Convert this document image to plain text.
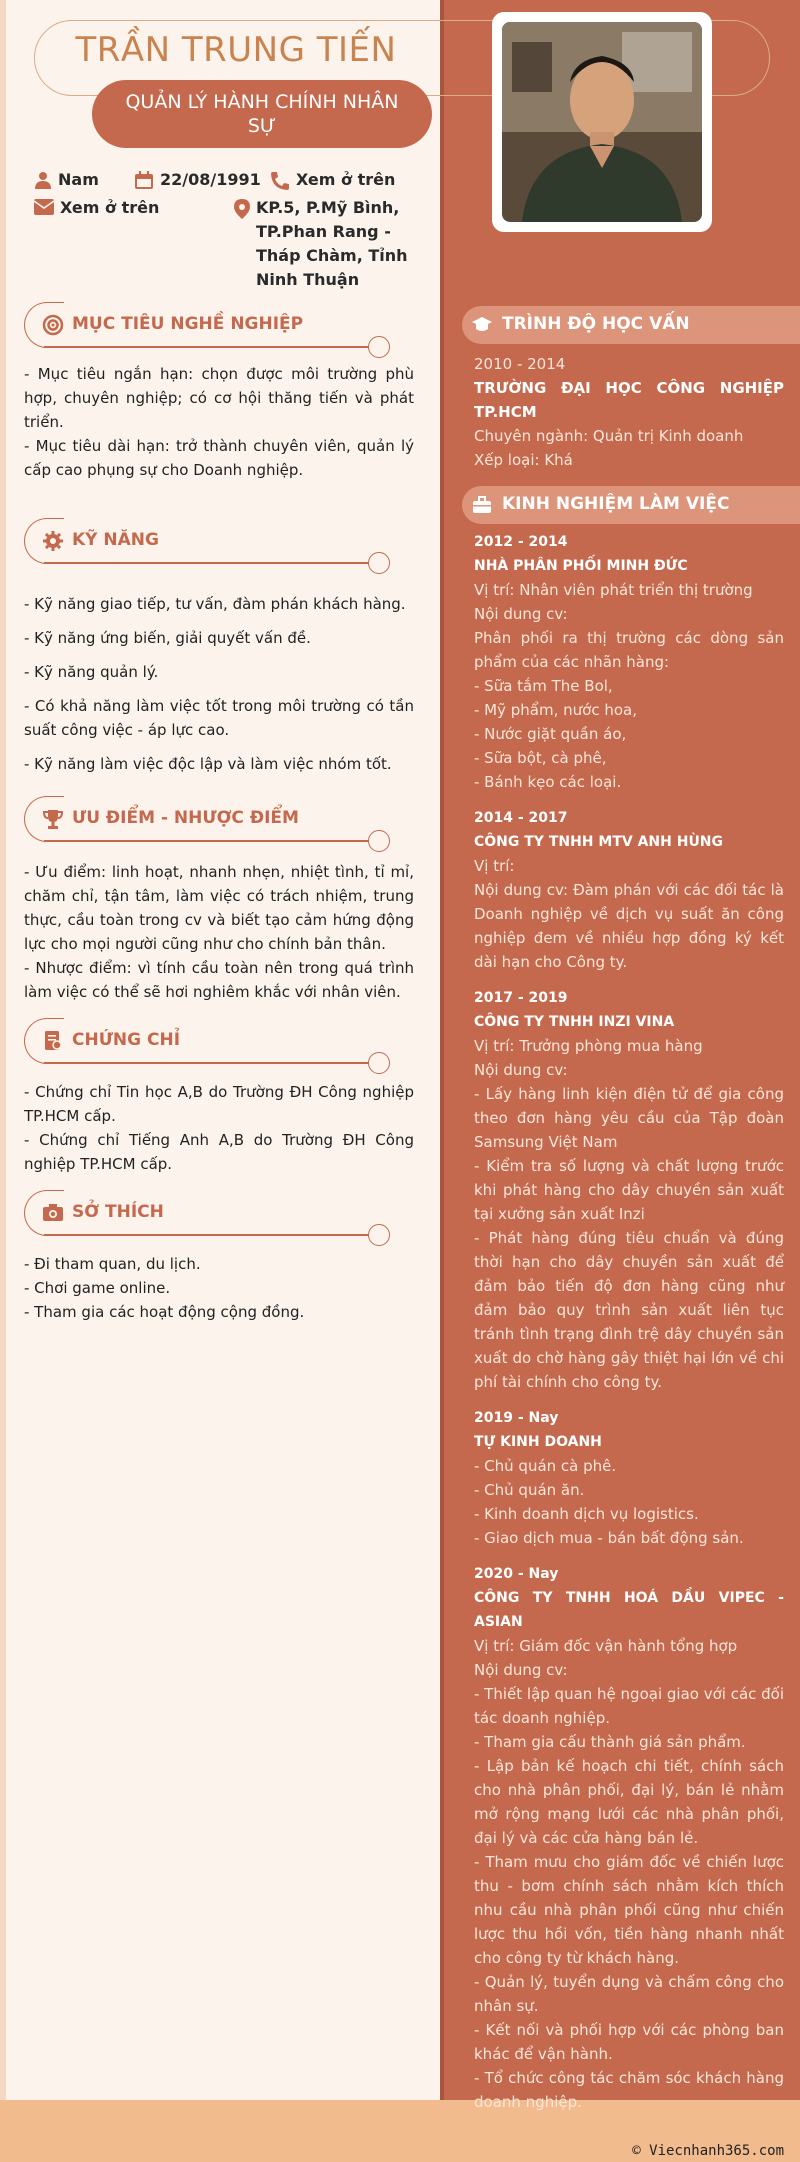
TRẦN TRUNG TIẾN
QUẢN LÝ HÀNH CHÍNH NHÂN SỰ
Nam	22/08/1991 Xem ở trên
Xem ở trên	KP.5, P.Mỹ Bình, TP.Phan Rang - Tháp Chàm, Tỉnh Ninh Thuận
MỤC TIÊU NGHỀ NGHIỆP

- Mục tiêu ngắn hạn: chọn được môi trường phù hợp, chuyên nghiệp; có cơ hội thăng tiến và phát triển.

- Mục tiêu dài hạn: trở thành chuyên viên, quản lý cấp cao phụng sự cho Doanh nghiệp.

KỸ NĂNG

- Kỹ năng giao tiếp, tư vấn, đàm phán khách hàng.

- Kỹ năng ứng biến, giải quyết vấn đề.

- Kỹ năng quản lý.

- Có khả năng làm việc tốt trong môi trường có tần suất công việc - áp lực cao.

- Kỹ năng làm việc độc lập và làm việc nhóm tốt.

ƯU ĐIỂM - NHƯỢC ĐIỂM

- Ưu điểm: linh hoạt, nhanh nhẹn, nhiệt tình, tỉ mỉ, chăm chỉ, tận tâm, làm việc có trách nhiệm, trung thực, cầu toàn trong cv và biết tạo cảm hứng động lực cho mọi người cũng như cho chính bản thân.

- Nhược điểm: vì tính cầu toàn nên trong quá trình làm việc có thể sẽ hơi nghiêm khắc với nhân viên.

CHỨNG CHỈ

- Chứng chỉ Tin học A,B do Trường ĐH Công nghiệp TP.HCM cấp.

- Chứng chỉ Tiếng Anh A,B do Trường ĐH Công nghiệp TP.HCM cấp.

SỞ THÍCH

- Đi tham quan, du lịch.

- Chơi game online.

- Tham gia các hoạt động cộng đồng.

TRÌNH ĐỘ HỌC VẤN

2010 - 2014

TRƯỜNG ĐẠI HỌC CÔNG NGHIỆP TP.HCM

Chuyên ngành: Quản trị Kinh doanh

Xếp loại: Khá

KINH NGHIỆM LÀM VIỆC

2012 - 2014

NHÀ PHÂN PHỐI MINH ĐỨC

Vị trí: Nhân viên phát triển thị trường

Nội dung cv:

Phân phối ra thị trường các dòng sản phẩm của các nhãn hàng:

- Sữa tắm The Bol,

- Mỹ phẩm, nước hoa,

- Nước giặt quần áo,

- Sữa bột, cà phê,

- Bánh kẹo các loại.

2014 - 2017

CÔNG TY TNHH MTV ANH HÙNG

Vị trí:

Nội dung cv: Đàm phán với các đối tác là Doanh nghiệp về dịch vụ suất ăn công nghiệp đem về nhiều hợp đồng ký kết dài hạn cho Công ty.

2017 - 2019

CÔNG TY TNHH INZI VINA

Vị trí: Trưởng phòng mua hàng

Nội dung cv:

- Lấy hàng linh kiện điện tử để gia công theo đơn hàng yêu cầu của Tập đoàn Samsung Việt Nam

- Kiểm tra số lượng và chất lượng trước khi phát hàng cho dây chuyền sản xuất tại xưởng sản xuất Inzi

- Phát hàng đúng tiêu chuẩn và đúng thời hạn cho dây chuyền sản xuất để đảm bảo tiến độ đơn hàng cũng như đảm bảo quy trình sản xuất liên tục tránh tình trạng đình trệ dây chuyền sản xuất do chờ hàng gây thiệt hại lớn về chi phí tài chính cho công ty.

2019 - Nay

TỰ KINH DOANH

- Chủ quán cà phê.

- Chủ quán ăn.

- Kinh doanh dịch vụ logistics.

- Giao dịch mua - bán bất động sản.

2020 - Nay

CÔNG TY TNHH HOÁ DẦU VIPEC - ASIAN

Vị trí: Giám đốc vận hành tổng hợp

Nội dung cv:

- Thiết lập quan hệ ngoại giao với các đối tác doanh nghiệp.

- Tham gia cấu thành giá sản phẩm.

- Lập bản kế hoạch chi tiết, chính sách cho nhà phân phối, đại lý, bán lẻ nhằm mở rộng mạng lưới các nhà phân phối, đại lý và các cửa hàng bán lẻ.

- Tham mưu cho giám đốc về chiến lược thu - bơm chính sách nhằm kích thích nhu cầu nhà phân phối cũng như chiến lược thu hồi vốn, tiền hàng nhanh nhất cho công ty từ khách hàng.

- Quản lý, tuyển dụng và chấm công cho nhân sự.

- Kết nối và phối hợp với các phòng ban khác để vận hành.

- Tổ chức công tác chăm sóc khách hàng doanh nghiệp.

© Viecnhanh365.com
